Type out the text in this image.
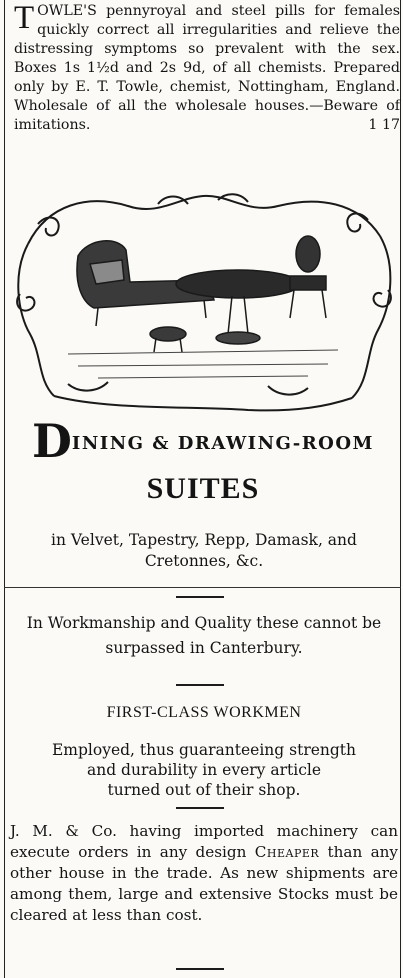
TOWLE'S pennyroyal and steel pills for females quickly correct all irregularities and relieve the distressing symptoms so prevalent with the sex. Boxes 1s 1½d and 2s 9d, of all chemists. Prepared only by E. T. Towle, chemist, Nottingham, England. Wholesale of all the wholesale houses.—Beware of imitations.	1 17
DINING & DRAWING-ROOM
SUITES
in Velvet, Tapestry, Repp, Damask, and Cretonnes, &c.
In Workmanship and Quality these cannot be surpassed in Canterbury.
FIRST-CLASS WORKMEN
Employed, thus guaranteeing strength
and durability in every article
turned out of their shop.
J. M. & Co. having imported machinery can execute orders in any design Cheaper than any other house in the trade. As new shipments are among them, large and extensive Stocks must be cleared at less than cost.
